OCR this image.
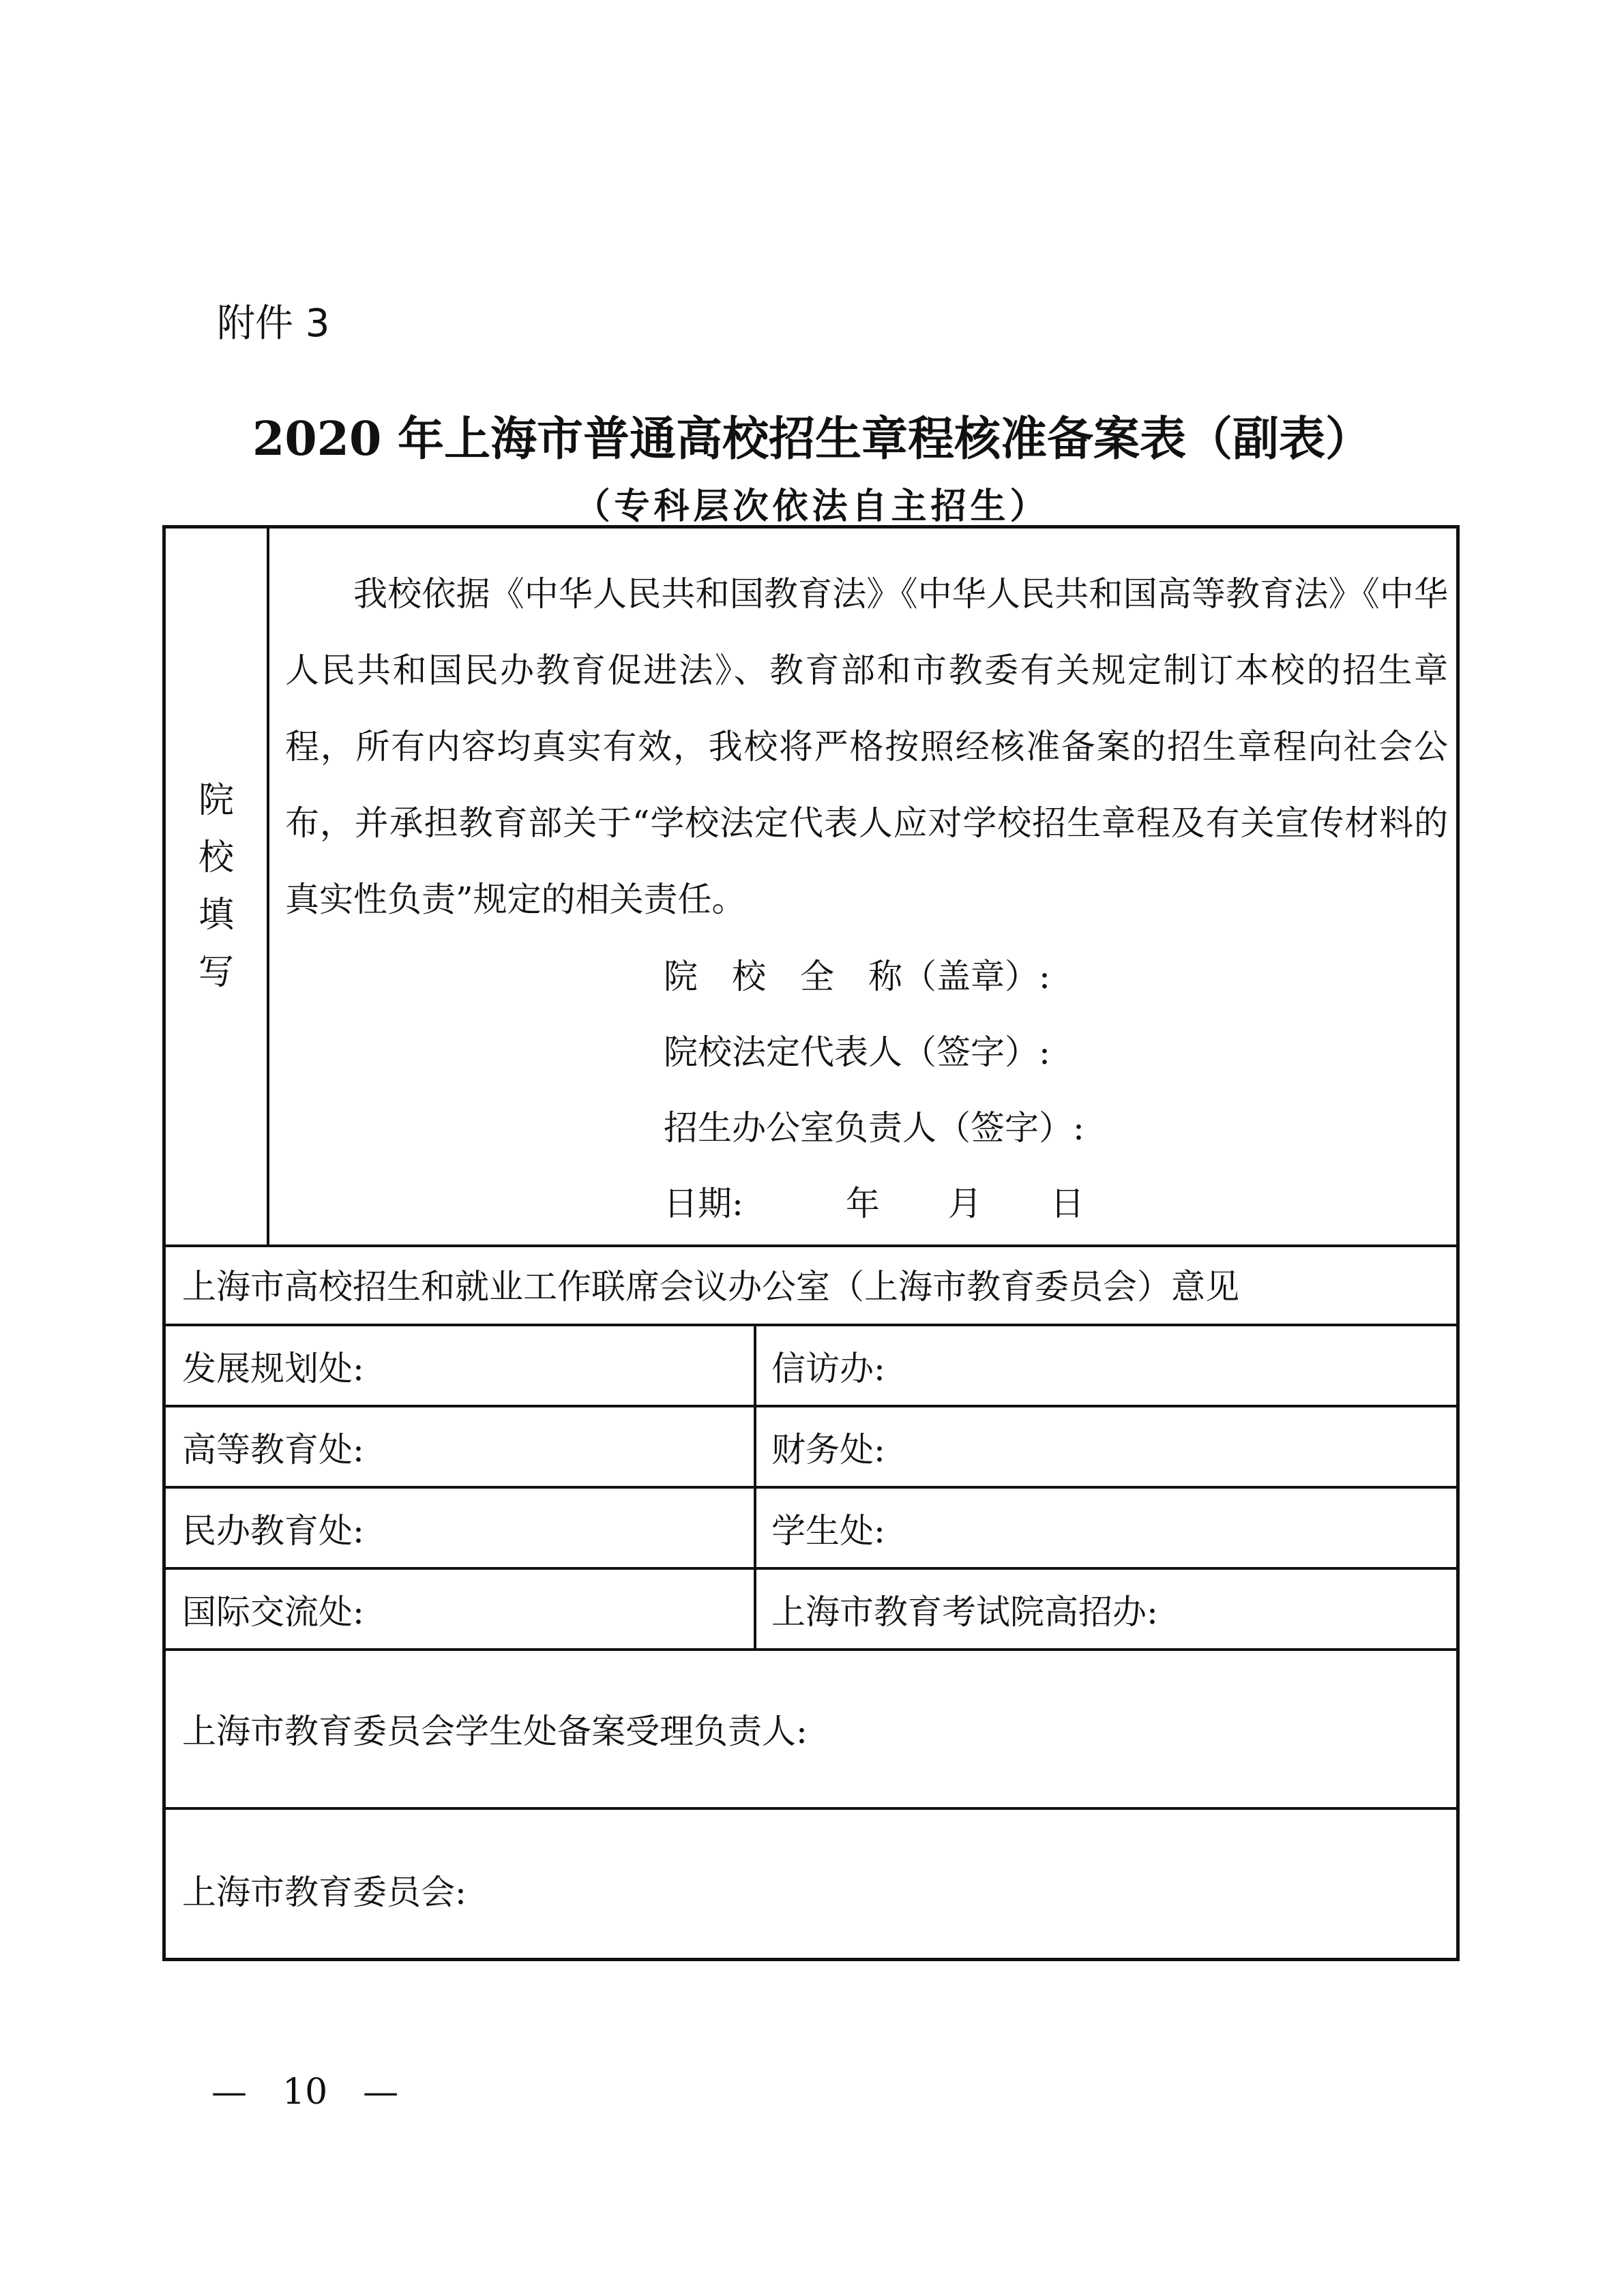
附件 3
2020 年上海市普通高校招生章程核准备案表（副表）
（专科层次依法自主招生）
院
校
填
写
我校依据《中华人民共和国教育法》《中华人民共和国高等教育法》《中华人民共和国民办教育促进法》、教育部和市教委有关规定制订本校的招生章程，所有内容均真实有效，我校将严格按照经核准备案的招生章程向社会公布，并承担教育部关于“学校法定代表人应对学校招生章程及有关宣传材料的真实性负责”规定的相关责任。
院　校　全　称（盖章）:
院校法定代表人（签字）:
招生办公室负责人（签字）:
日期:　　　年　　月　　日
上海市高校招生和就业工作联席会议办公室（上海市教育委员会）意见
发展规划处:	信访办:
高等教育处:	财务处:
民办教育处:	学生处:
国际交流处:	上海市教育考试院高招办:
上海市教育委员会学生处备案受理负责人:
上海市教育委员会:
—　10　—
